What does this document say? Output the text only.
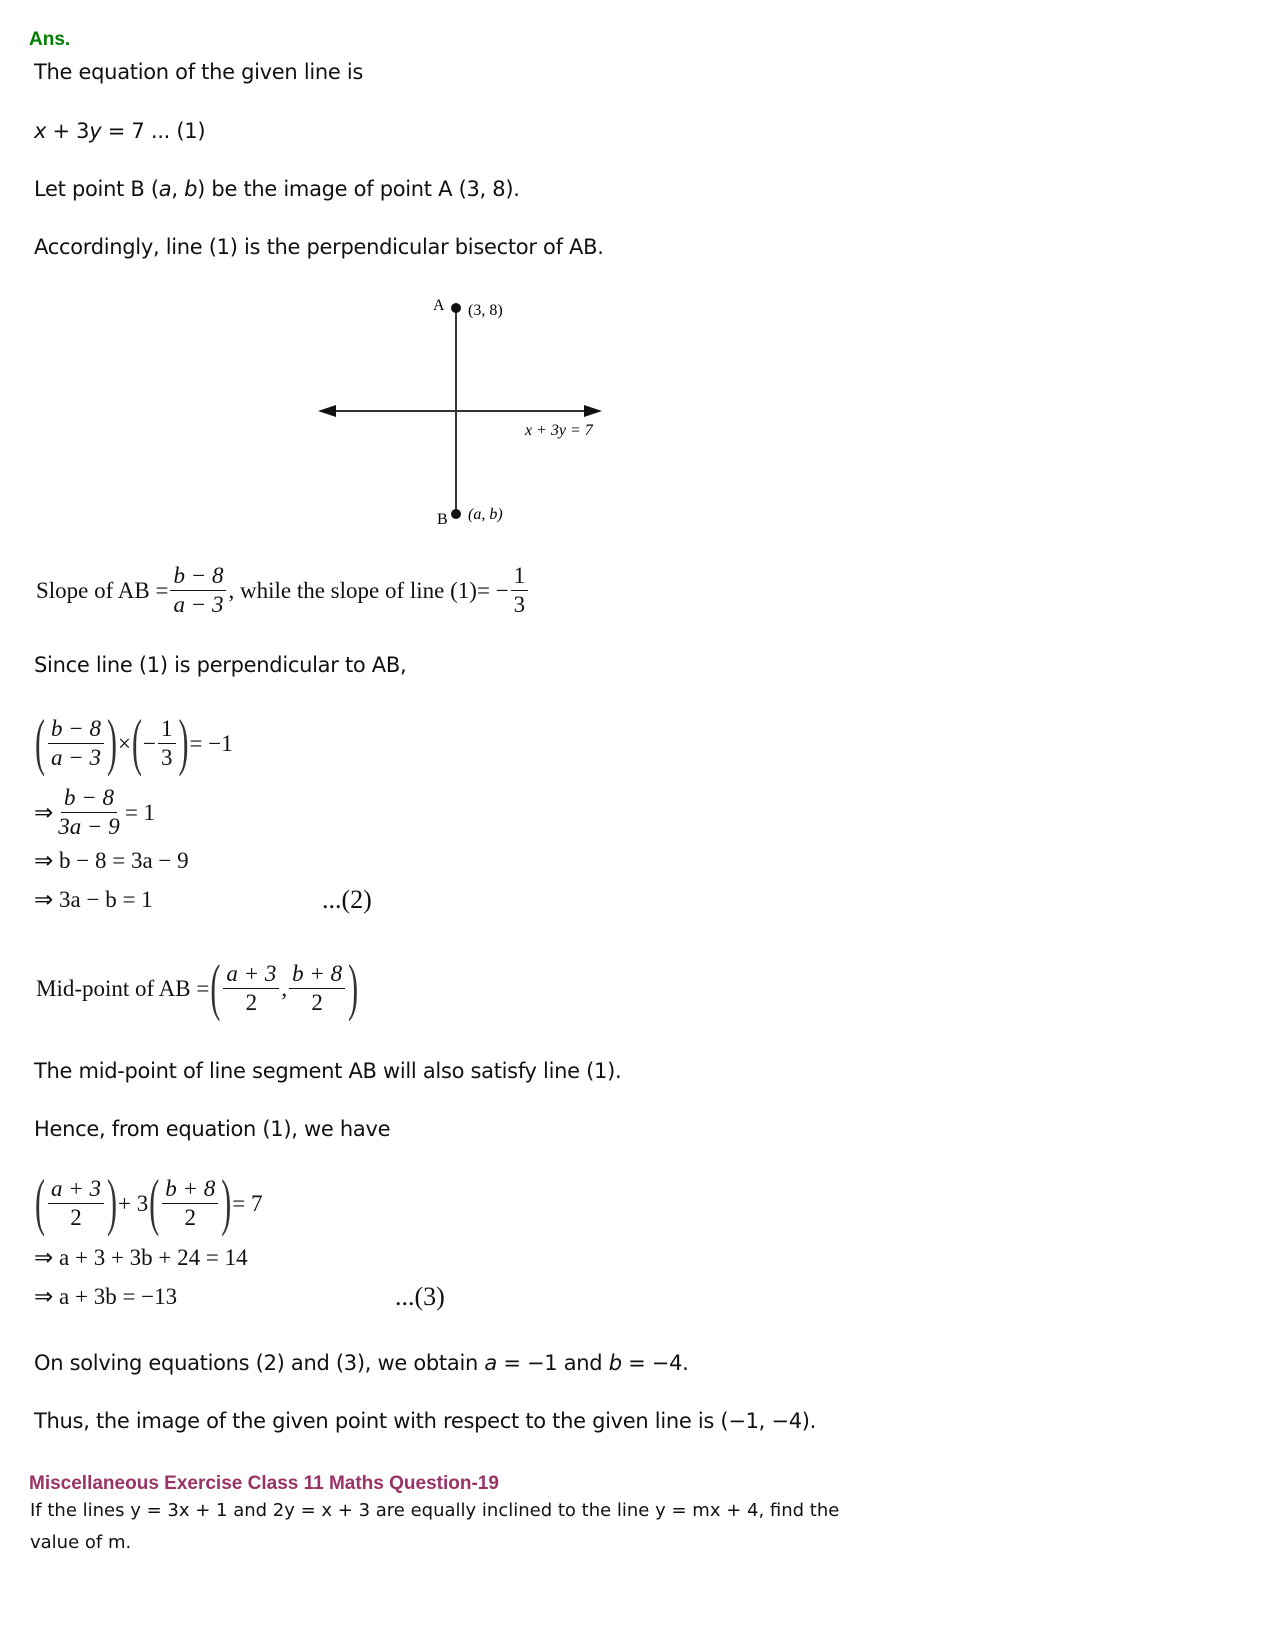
Ans.
The equation of the given line is
x + 3y = 7 ... (1)
Let point B (a, b) be the image of point A (3, 8).
Accordingly, line (1) is the perpendicular bisector of AB.
A (3, 8)
x + 3y = 7
B (a, b)
Slope of AB = $\frac{b - 8}{a - 3}$ , while the slope of line
(1) = − $\frac{1}{3}$
Since line (1) is perpendicular to AB,
( $\frac{b - 8}{a - 3}$ ) × ( − $\frac{1}{3}$ ) = −1
⇒ $\frac{b - 8}{3a - 9} = 1$
⇒ b − 8 = 3a − 9
⇒ 3a − b = 1	...(2)
Mid-point of AB = ( $\frac{a + 3}{2}$ , $\frac{b + 8}{2}$ )
The mid-point of line segment AB will also satisfy line (1).
Hence, from equation (1), we have
( $\frac{a + 3}{2}$ ) + 3 ( $\frac{b + 8}{2}$ ) = 7
⇒ a + 3 + 3b + 24 = 14
⇒ a + 3b = −13	...(3)
On solving equations (2) and (3), we obtain a = −1 and b = −4.
Thus, the image of the given point with respect to the given line is (−1, −4).
Miscellaneous Exercise Class 11 Maths Question-19
If the lines y = 3x + 1 and 2y = x + 3 are equally inclined to the line y = mx + 4, find the
value of m.
